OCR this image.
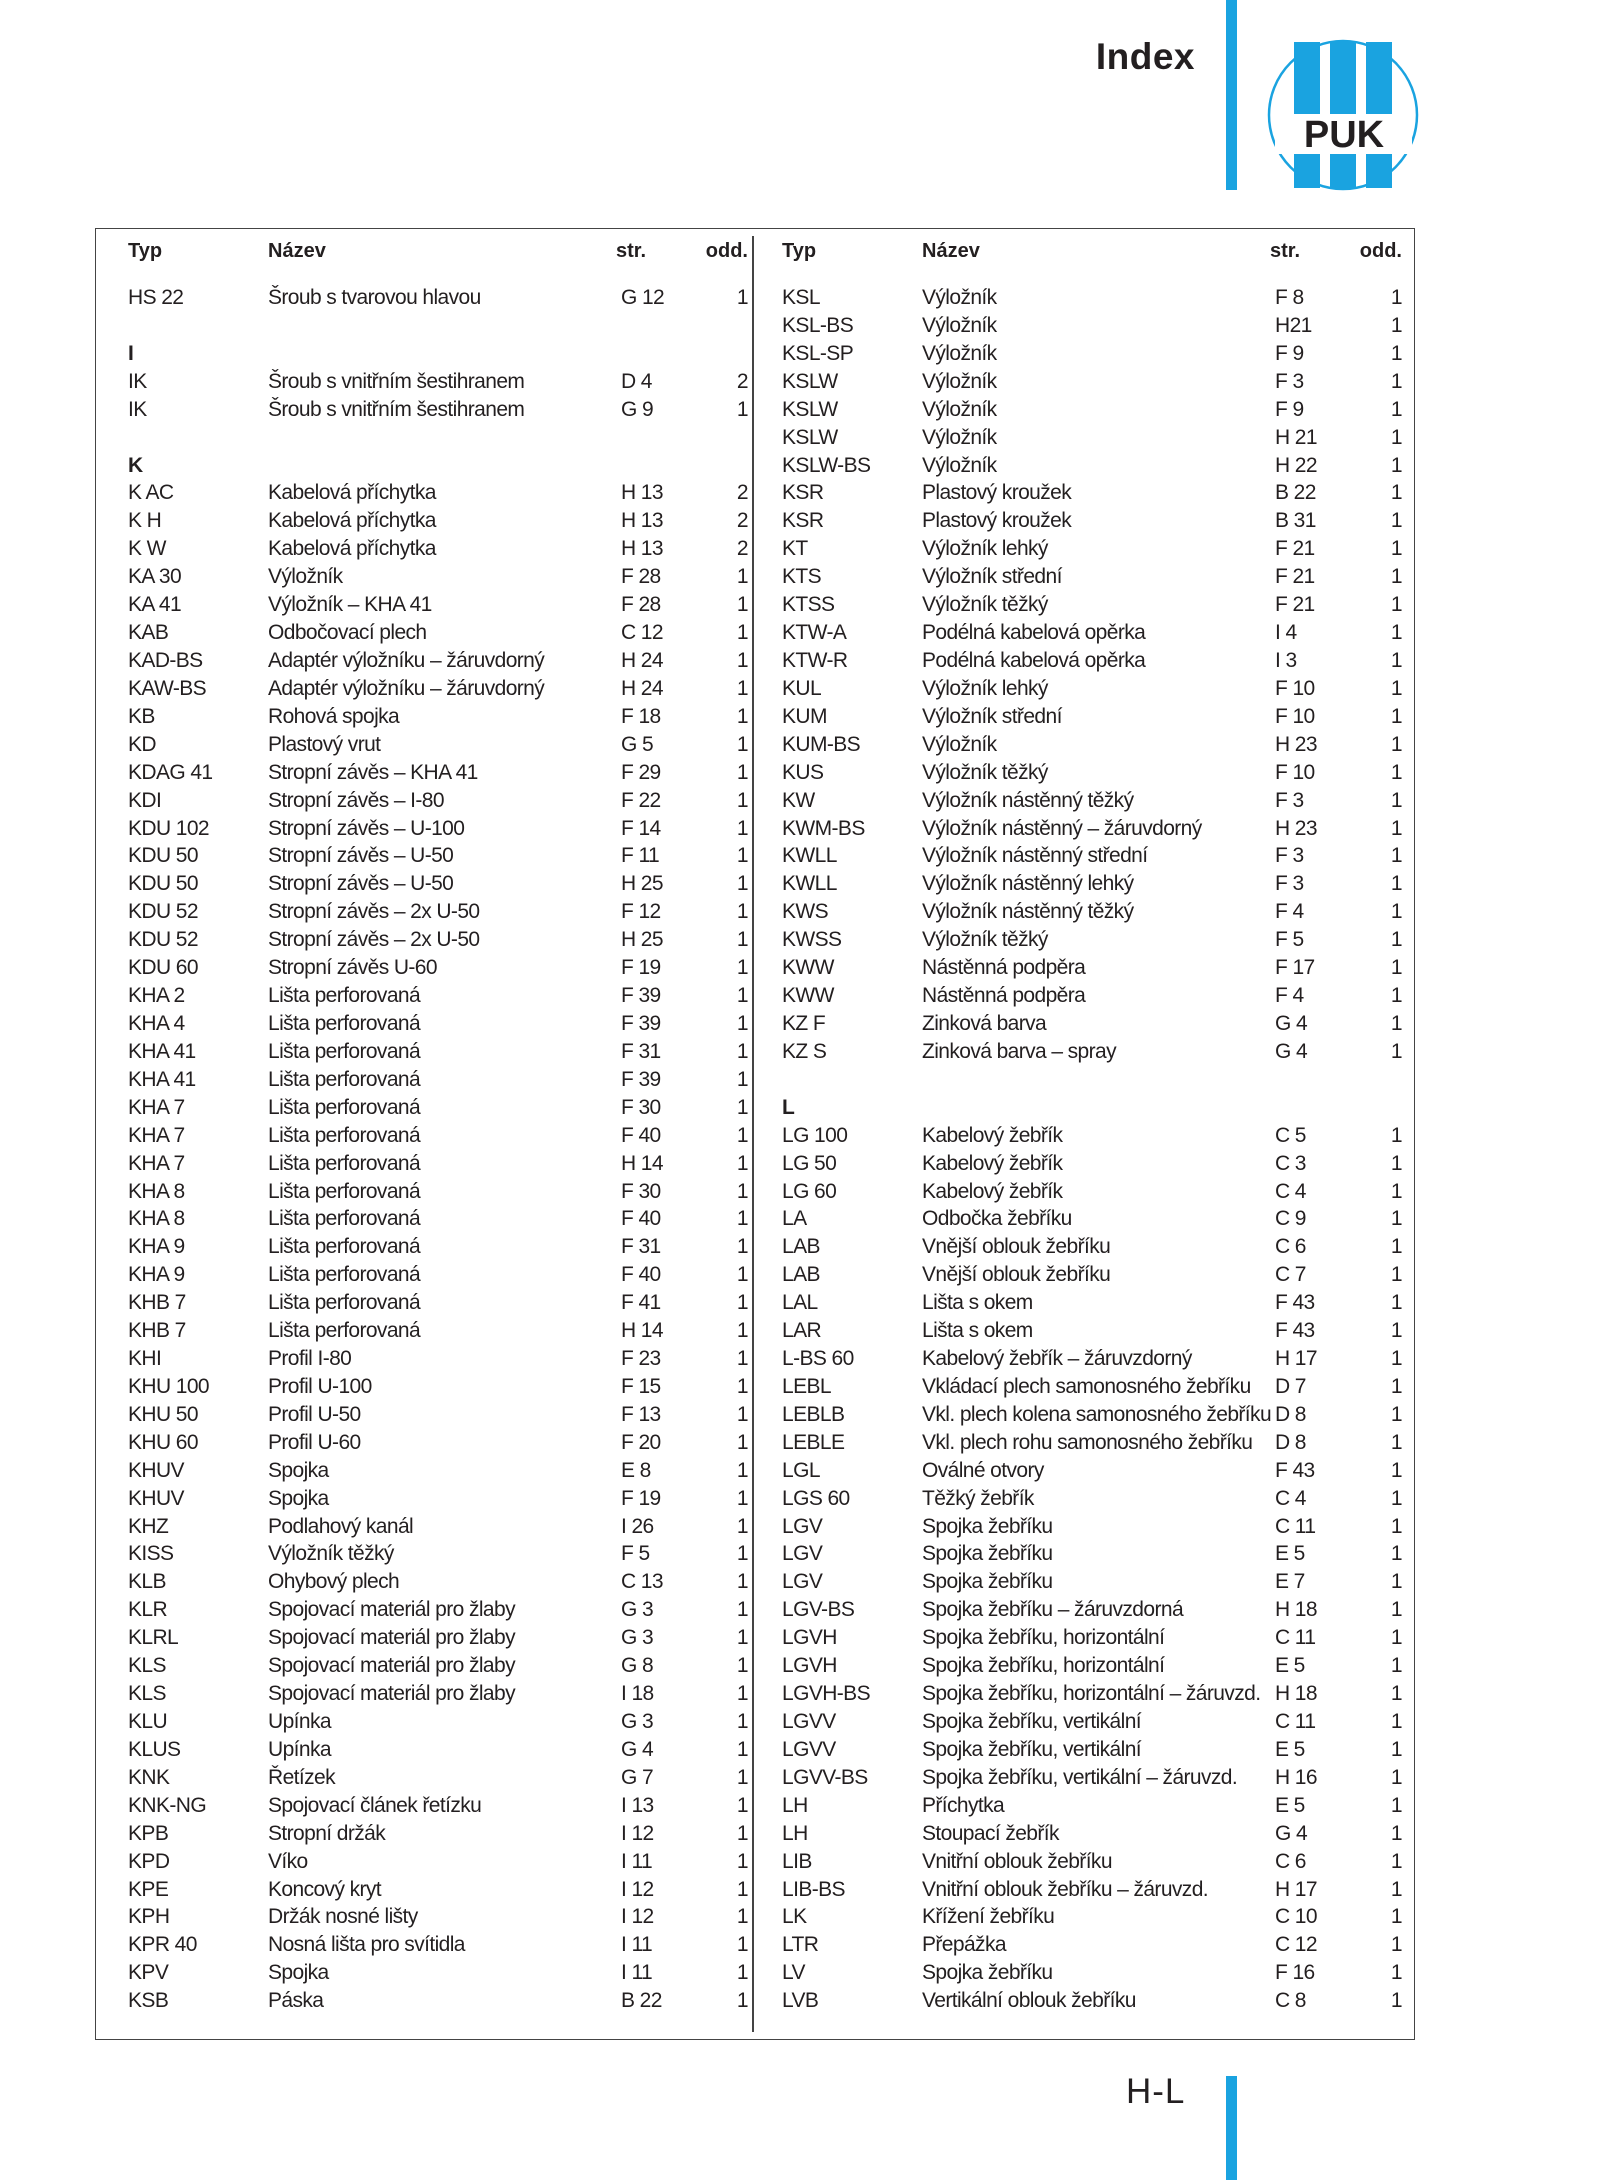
Index
PUK
Typ	Název	str.	odd.
HS 22	Šroub s tvarovou hlavou	G 12	1
I
IK	Šroub s vnitřním šestihranem	D 4	2
IK	Šroub s vnitřním šestihranem	G 9	1
K
K AC	Kabelová příchytka	H 13	2
K H	Kabelová příchytka	H 13	2
K W	Kabelová příchytka	H 13	2
KA 30	Výložník	F 28	1
KA 41	Výložník – KHA 41	F 28	1
KAB	Odbočovací plech	C 12	1
KAD-BS	Adaptér výložníku – žáruvdorný	H 24	1
KAW-BS	Adaptér výložníku – žáruvdorný	H 24	1
KB	Rohová spojka	F 18	1
KD	Plastový vrut	G 5	1
KDAG 41	Stropní závěs – KHA 41	F 29	1
KDI	Stropní závěs – I-80	F 22	1
KDU 102	Stropní závěs – U-100	F 14	1
KDU 50	Stropní závěs – U-50	F 11	1
KDU 50	Stropní závěs – U-50	H 25	1
KDU 52	Stropní závěs – 2x U-50	F 12	1
KDU 52	Stropní závěs – 2x U-50	H 25	1
KDU 60	Stropní závěs U-60	F 19	1
KHA 2	Lišta perforovaná	F 39	1
KHA 4	Lišta perforovaná	F 39	1
KHA 41	Lišta perforovaná	F 31	1
KHA 41	Lišta perforovaná	F 39	1
KHA 7	Lišta perforovaná	F 30	1
KHA 7	Lišta perforovaná	F 40	1
KHA 7	Lišta perforovaná	H 14	1
KHA 8	Lišta perforovaná	F 30	1
KHA 8	Lišta perforovaná	F 40	1
KHA 9	Lišta perforovaná	F 31	1
KHA 9	Lišta perforovaná	F 40	1
KHB 7	Lišta perforovaná	F 41	1
KHB 7	Lišta perforovaná	H 14	1
KHI	Profil I-80	F 23	1
KHU 100	Profil U-100	F 15	1
KHU 50	Profil U-50	F 13	1
KHU 60	Profil U-60	F 20	1
KHUV	Spojka	E 8	1
KHUV	Spojka	F 19	1
KHZ	Podlahový kanál	I 26	1
KISS	Výložník těžký	F 5	1
KLB	Ohybový plech	C 13	1
KLR	Spojovací materiál pro žlaby	G 3	1
KLRL	Spojovací materiál pro žlaby	G 3	1
KLS	Spojovací materiál pro žlaby	G 8	1
KLS	Spojovací materiál pro žlaby	I 18	1
KLU	Upínka	G 3	1
KLUS	Upínka	G 4	1
KNK	Řetízek	G 7	1
KNK-NG	Spojovací článek řetízku	I 13	1
KPB	Stropní držák	I 12	1
KPD	Víko	I 11	1
KPE	Koncový kryt	I 12	1
KPH	Držák nosné lišty	I 12	1
KPR 40	Nosná lišta pro svítidla	I 11	1
KPV	Spojka	I 11	1
KSB	Páska	B 22	1
Typ	Název	str.	odd.
KSL	Výložník	F 8	1
KSL-BS	Výložník	H21	1
KSL-SP	Výložník	F 9	1
KSLW	Výložník	F 3	1
KSLW	Výložník	F 9	1
KSLW	Výložník	H 21	1
KSLW-BS Výložník	H 22	1
KSR	Plastový kroužek	B 22	1
KSR	Plastový kroužek	B 31	1
KT	Výložník lehký	F 21	1
KTS	Výložník střední	F 21	1
KTSS	Výložník těžký	F 21	1
KTW-A	Podélná kabelová opěrka	I 4	1
KTW-R	Podélná kabelová opěrka	I 3	1
KUL	Výložník lehký	F 10	1
KUM	Výložník střední	F 10	1
KUM-BS	Výložník	H 23	1
KUS	Výložník těžký	F 10	1
KW	Výložník nástěnný těžký	F 3	1
KWM-BS	Výložník nástěnný – žáruvdorný	H 23	1
KWLL	Výložník nástěnný střední	F 3	1
KWLL	Výložník nástěnný lehký	F 3	1
KWS	Výložník nástěnný těžký	F 4	1
KWSS	Výložník těžký	F 5	1
KWW	Nástěnná podpěra	F 17	1
KWW	Nástěnná podpěra	F 4	1
KZ F	Zinková barva	G 4	1
KZ S	Zinková barva – spray	G 4	1
L
LG 100	Kabelový žebřík	C 5	1
LG 50	Kabelový žebřík	C 3	1
LG 60	Kabelový žebřík	C 4	1
LA	Odbočka žebříku	C 9	1
LAB	Vnější oblouk žebříku	C 6	1
LAB	Vnější oblouk žebříku	C 7	1
LAL	Lišta s okem	F 43	1
LAR	Lišta s okem	F 43	1
L-BS 60	Kabelový žebřík – žáruvzdorný	H 17	1
LEBL	Vkládací plech samonosného žebříku D 7	1
LEBLB	Vkl. plech kolena samonosného žebříku D 8	1
LEBLE	Vkl. plech rohu samonosného žebříku D 8	1
LGL	Oválné otvory	F 43	1
LGS 60	Těžký žebřík	C 4	1
LGV	Spojka žebříku	C 11	1
LGV	Spojka žebříku	E 5	1
LGV	Spojka žebříku	E 7	1
LGV-BS	Spojka žebříku – žáruvzdorná	H 18	1
LGVH	Spojka žebříku, horizontální	C 11	1
LGVH	Spojka žebříku, horizontální	E 5	1
LGVH-BS Spojka žebříku, horizontální – žáruvzd. H 18	1
LGVV	Spojka žebříku, vertikální	C 11	1
LGVV	Spojka žebříku, vertikální	E 5	1
LGVV-BS	Spojka žebříku, vertikální – žáruvzd. H 16	1
LH	Příchytka	E 5	1
LH	Stoupací žebřík	G 4	1
LIB	Vnitřní oblouk žebříku	C 6	1
LIB-BS	Vnitřní oblouk žebříku – žáruvzd.	H 17	1
LK	Křížení žebříku	C 10	1
LTR	Přepážka	C 12	1
LV	Spojka žebříku	F 16	1
LVB	Vertikální oblouk žebříku	C 8	1
H-L
